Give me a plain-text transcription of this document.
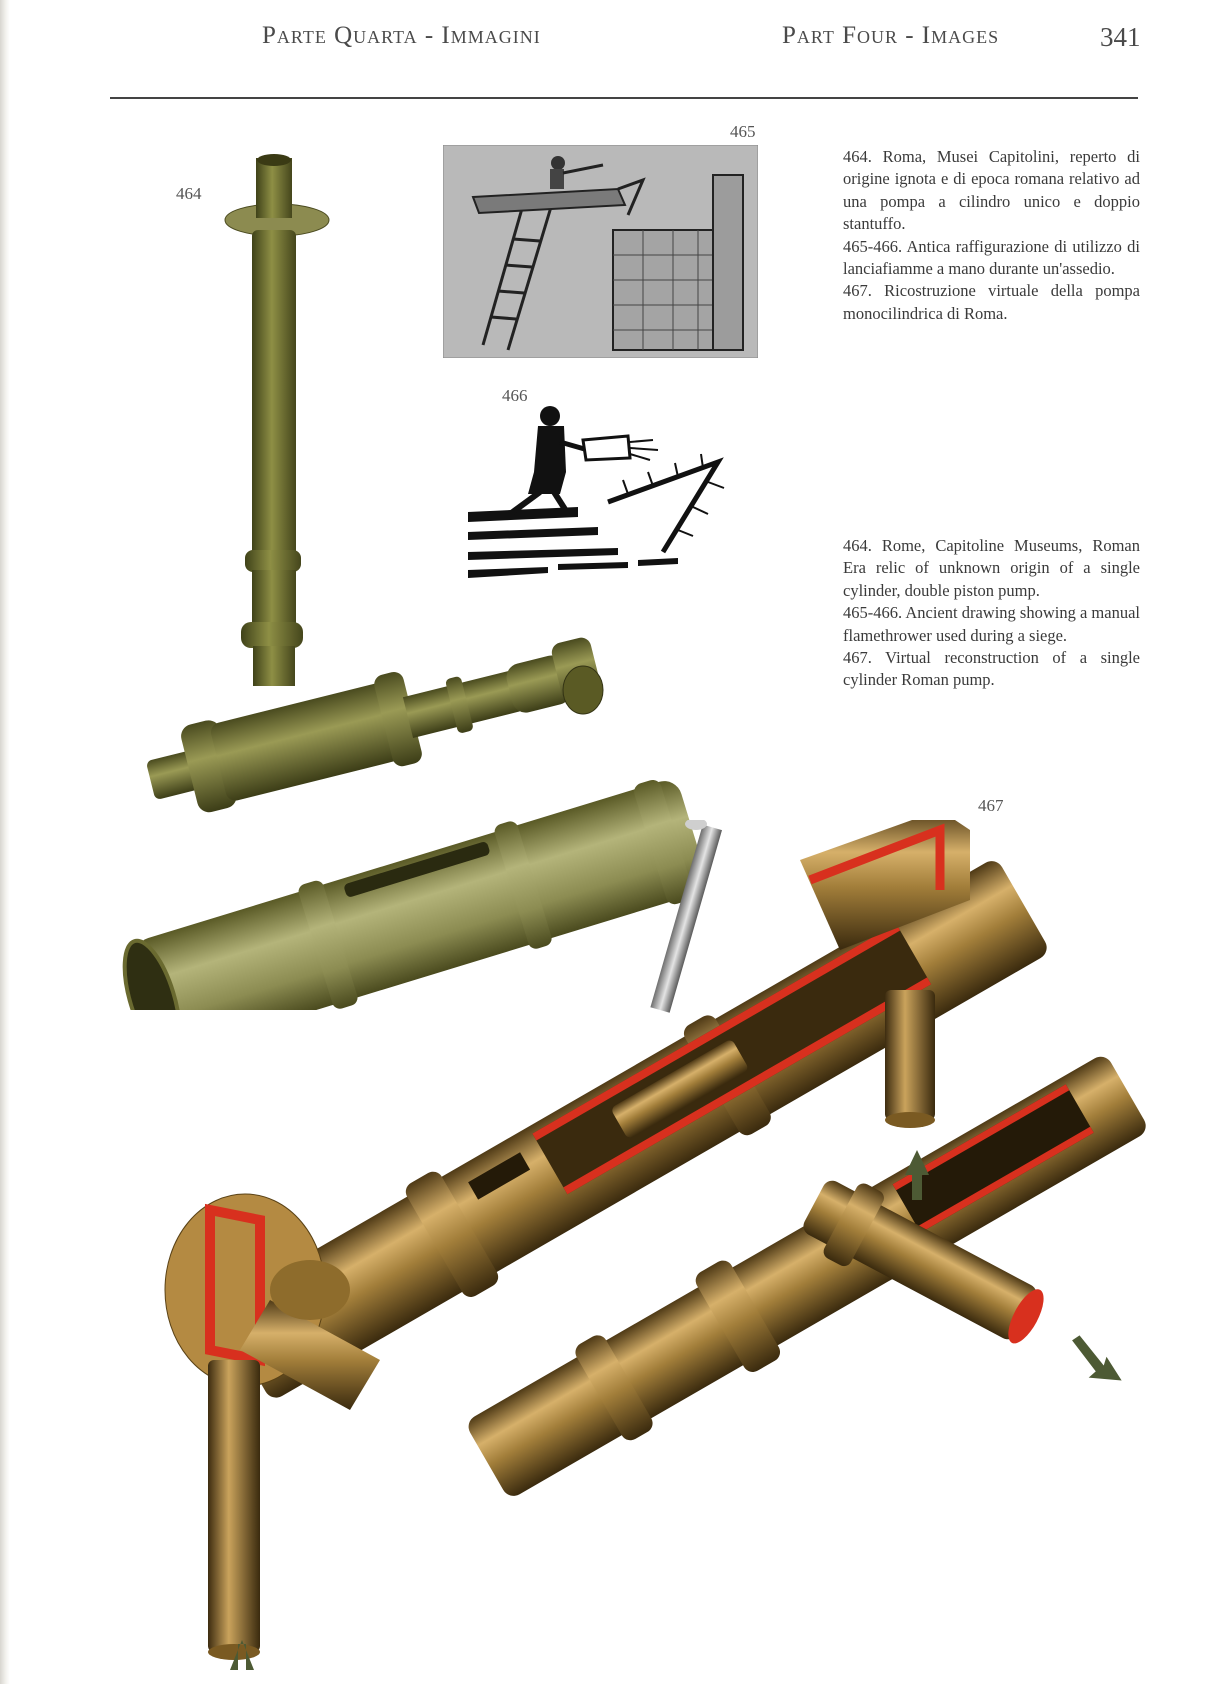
Parte Quarta - Immagini	Part Four - Images	341
464
465
466
467

464. Roma, Musei Capitolini, reperto di origine ignota e di epoca romana relativo ad una pompa a cilindro unico e doppio stantuffo.

465-466. Antica raffigurazione di utilizzo di lanciafiamme a mano durante un'assedio.

467. Ricostruzione virtuale della pompa monocilindrica di Roma.

464. Rome, Capitoline Museums, Roman Era relic of unknown origin of a single cylinder, double piston pump.

465-466. Ancient drawing showing a manual flamethrower used during a siege.

467. Virtual reconstruction of a single cylinder Roman pump.
